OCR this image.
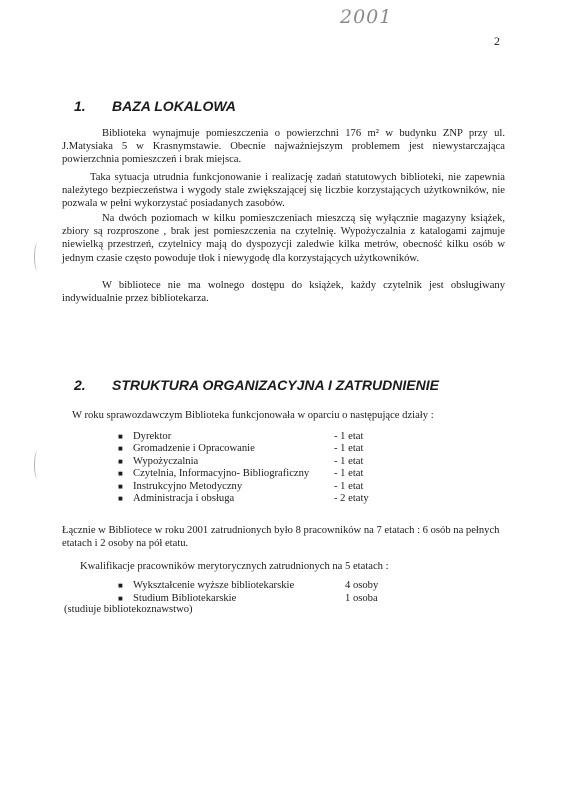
2001
2
1. BAZA LOKALOWA

Biblioteka wynajmuje pomieszczenia o powierzchni 176 m² w budynku ZNP przy ul. J.Matysiaka 5 w Krasnymstawie. Obecnie najważniejszym problemem jest niewystarczająca powierzchnia pomieszczeń i brak miejsca.

Taka sytuacja utrudnia funkcjonowanie i realizację zadań statutowych biblioteki, nie zapewnia należytego bezpieczeństwa i wygody stale zwiększającej się liczbie korzystających użytkowników, nie pozwala w pełni wykorzystać posiadanych zasobów.

Na dwóch poziomach w kilku pomieszczeniach mieszczą się wyłącznie magazyny książek, zbiory są rozproszone , brak jest pomieszczenia na czytelnię. Wypożyczalnia z katalogami zajmuje niewielką przestrzeń, czytelnicy mają do dyspozycji zaledwie kilka metrów, obecność kilku osób w jednym czasie często powoduje tłok i niewygodę dla korzystających użytkowników.

W bibliotece nie ma wolnego dostępu do książek, każdy czytelnik jest obsługiwany indywidualnie przez bibliotekarza.

2. STRUKTURA ORGANIZACYJNA I ZATRUDNIENIE
W roku sprawozdawczym Biblioteka funkcjonowała w oparciu o następujące działy :
■ Dyrektor	- 1 etat
■ Gromadzenie i Opracowanie	- 1 etat
■ Wypożyczalnia	- 1 etat
■ Czytelnia, Informacyjno- Bibliograficzny - 1 etat
■ Instrukcyjno Metodyczny	- 1 etat
■ Administracja i obsługa	- 2 etaty

Łącznie w Bibliotece w roku 2001 zatrudnionych było 8 pracowników na 7 etatach : 6 osób na pełnych etatach i 2 osoby na pół etatu.

Kwalifikacje pracowników merytorycznych zatrudnionych na 5 etatach :
■ Wykształcenie wyższe bibliotekarskie	4 osoby
■ Studium Bibliotekarskie	1 osoba
(studiuje bibliotekoznawstwo)
